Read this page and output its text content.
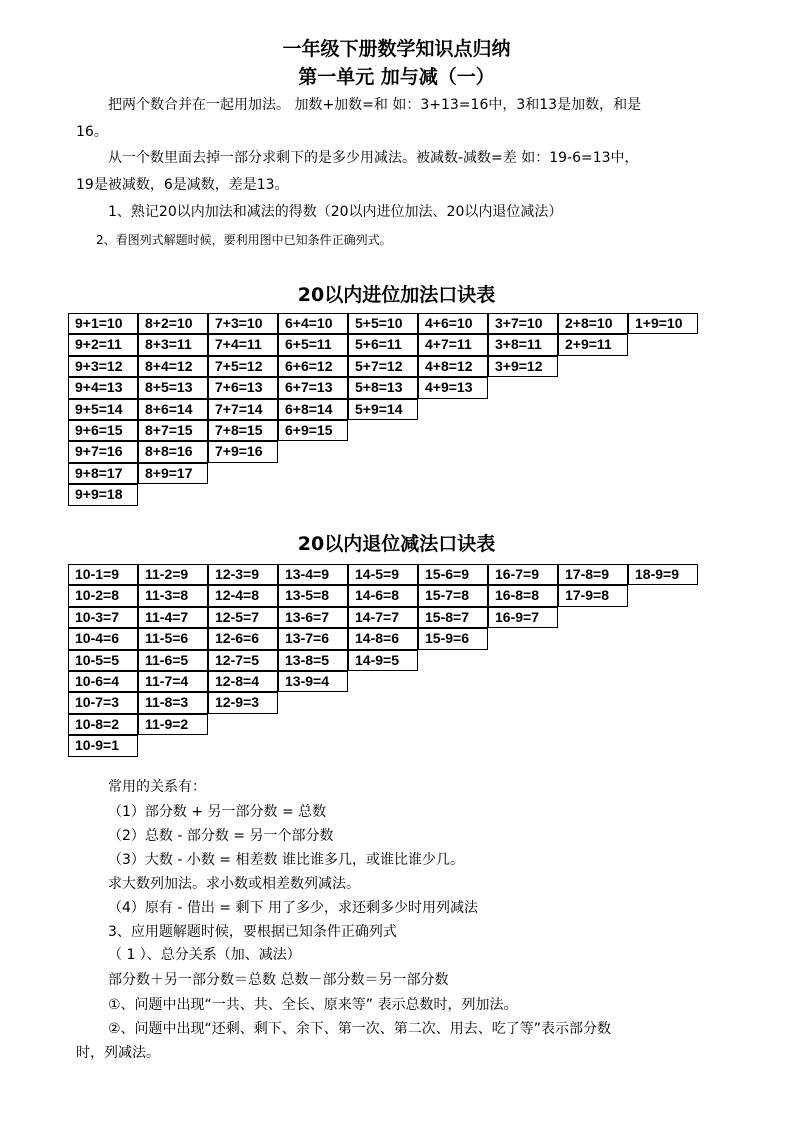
一年级下册数学知识点归纳
第一单元 加与减（一）
把两个数合并在一起用加法。 加数+加数=和 如：3+13=16中，3和13是加数，和是
16。
从一个数里面去掉一部分求剩下的是多少用减法。被减数-减数=差 如：19-6=13中，
19是被减数，6是减数，差是13。
1、熟记20以内加法和减法的得数（20以内进位加法、20以内退位减法）
2、看图列式解题时候，要利用图中已知条件正确列式。
20以内进位加法口诀表
9+1=10
9+2=11
9+3=12
9+4=13
9+5=14
9+6=15
9+7=16
9+8=17
9+9=18
8+2=10
8+3=11
8+4=12
8+5=13
8+6=14
8+7=15
8+8=16
8+9=17
7+3=10
7+4=11
7+5=12
7+6=13
7+7=14
7+8=15
7+9=16
6+4=10
6+5=11
6+6=12
6+7=13
6+8=14
6+9=15
5+5=10
5+6=11
5+7=12
5+8=13
5+9=14
4+6=10
4+7=11
4+8=12
4+9=13
3+7=10
3+8=11
3+9=12
2+8=10
2+9=11
1+9=10
20以内退位减法口诀表
10-1=9
10-2=8
10-3=7
10-4=6
10-5=5
10-6=4
10-7=3
10-8=2
10-9=1
11-2=9
11-3=8
11-4=7
11-5=6
11-6=5
11-7=4
11-8=3
11-9=2
12-3=9
12-4=8
12-5=7
12-6=6
12-7=5
12-8=4
12-9=3
13-4=9
13-5=8
13-6=7
13-7=6
13-8=5
13-9=4
14-5=9
14-6=8
14-7=7
14-8=6
14-9=5
15-6=9
15-7=8
15-8=7
15-9=6
16-7=9
16-8=8
16-9=7
17-8=9
17-9=8
18-9=9
常用的关系有：
（1）部分数 + 另一部分数 = 总数
（2）总数 - 部分数 = 另一个部分数
（3）大数 - 小数 = 相差数 谁比谁多几，或谁比谁少几。
求大数列加法。求小数或相差数列减法。
（4）原有 - 借出 = 剩下 用了多少，求还剩多少时用列减法
3、应用题解题时候，要根据已知条件正确列式
（ 1 ）、总分关系（加、减法）
部分数＋另一部分数＝总数 总数－部分数＝另一部分数
①、问题中出现“一共、共、全长、原来等” 表示总数时，列加法。
②、问题中出现“还剩、剩下、余下、第一次、第二次、用去、吃了等”表示部分数
时，列减法。
